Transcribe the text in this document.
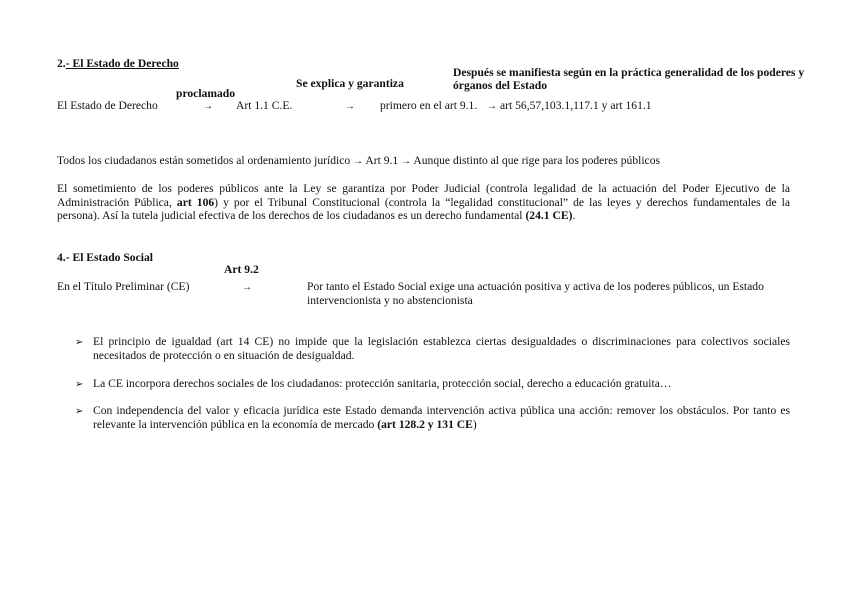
2.- El Estado de Derecho
Después se manifiesta según en la práctica generalidad de los poderes y
órganos del Estado
Se explica y garantiza
proclamado
El Estado de Derecho	→ Art 1.1 C.E.	→ primero en el art 9.1. → art 56,57,103.1,117.1 y art 161.1
Todos los ciudadanos están sometidos al ordenamiento jurídico → Art 9.1 → Aunque distinto al que rige para los poderes públicos
El sometimiento de los poderes públicos ante la Ley se garantiza por Poder Judicial (controla legalidad de la actuación del Poder Ejecutivo de la Administración Pública, art 106) y por el Tribunal Constitucional (controla la “legalidad constitucional” de las leyes y derechos fundamentales de la persona). Así la tutela judicial efectiva de los derechos de los ciudadanos es un derecho fundamental (24.1 CE).
4.- El Estado Social
Art 9.2
En el Título Preliminar (CE)	→	Por tanto el Estado Social exige una actuación positiva y activa de los poderes públicos, un Estado intervencionista y no abstencionista
➢ El principio de igualdad (art 14 CE) no impide que la legislación establezca ciertas desigualdades o discriminaciones para colectivos sociales necesitados de protección o en situación de desigualdad.
➢ La CE incorpora derechos sociales de los ciudadanos: protección sanitaria, protección social, derecho a educación gratuita…
➢ Con independencia del valor y eficacia jurídica este Estado demanda intervención activa pública una acción: remover los obstáculos. Por tanto es relevante la intervención pública en la economía de mercado (art 128.2 y 131 CE)
